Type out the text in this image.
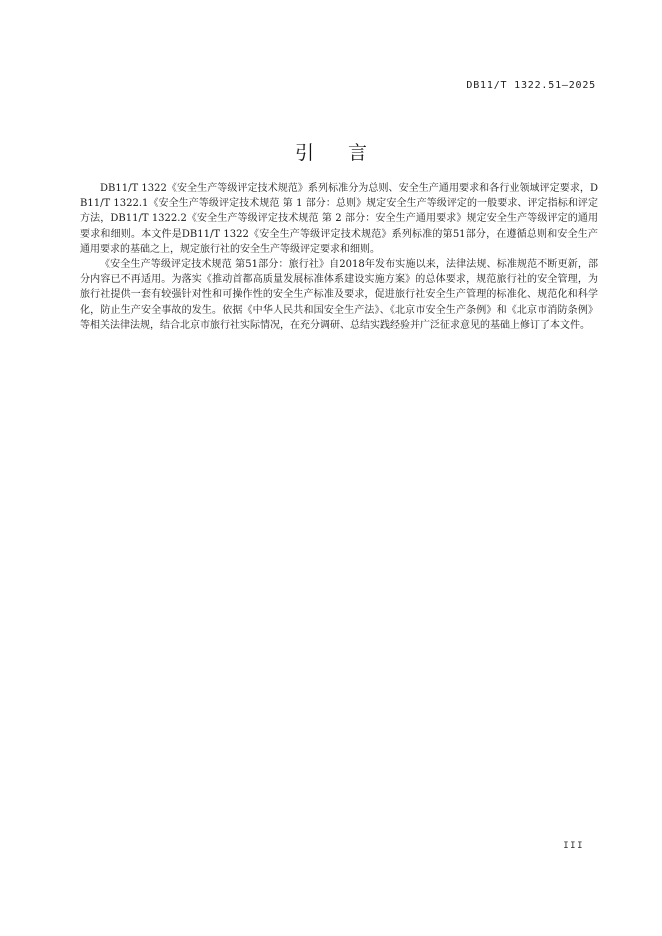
DB11/T 1322.51—2025
引言

DB11/T 1322《安全生产等级评定技术规范》系列标准分为总则、安全生产通用要求和各行业领域评定要求，DB11/T 1322.1《安全生产等级评定技术规范 第 1 部分：总则》规定安全生产等级评定的一般要求、评定指标和评定方法，DB11/T 1322.2《安全生产等级评定技术规范 第 2 部分：安全生产通用要求》规定安全生产等级评定的通用要求和细则。本文件是DB11/T 1322《安全生产等级评定技术规范》系列标准的第51部分，在遵循总则和安全生产通用要求的基础之上，规定旅行社的安全生产等级评定要求和细则。

《安全生产等级评定技术规范 第51部分：旅行社》自2018年发布实施以来，法律法规、标准规范不断更新，部分内容已不再适用。为落实《推动首都高质量发展标准体系建设实施方案》的总体要求，规范旅行社的安全管理，为旅行社提供一套有较强针对性和可操作性的安全生产标准及要求，促进旅行社安全生产管理的标准化、规范化和科学化，防止生产安全事故的发生。依据《中华人民共和国安全生产法》、《北京市安全生产条例》和《北京市消防条例》等相关法律法规，结合北京市旅行社实际情况，在充分调研、总结实践经验并广泛征求意见的基础上修订了本文件。

III
